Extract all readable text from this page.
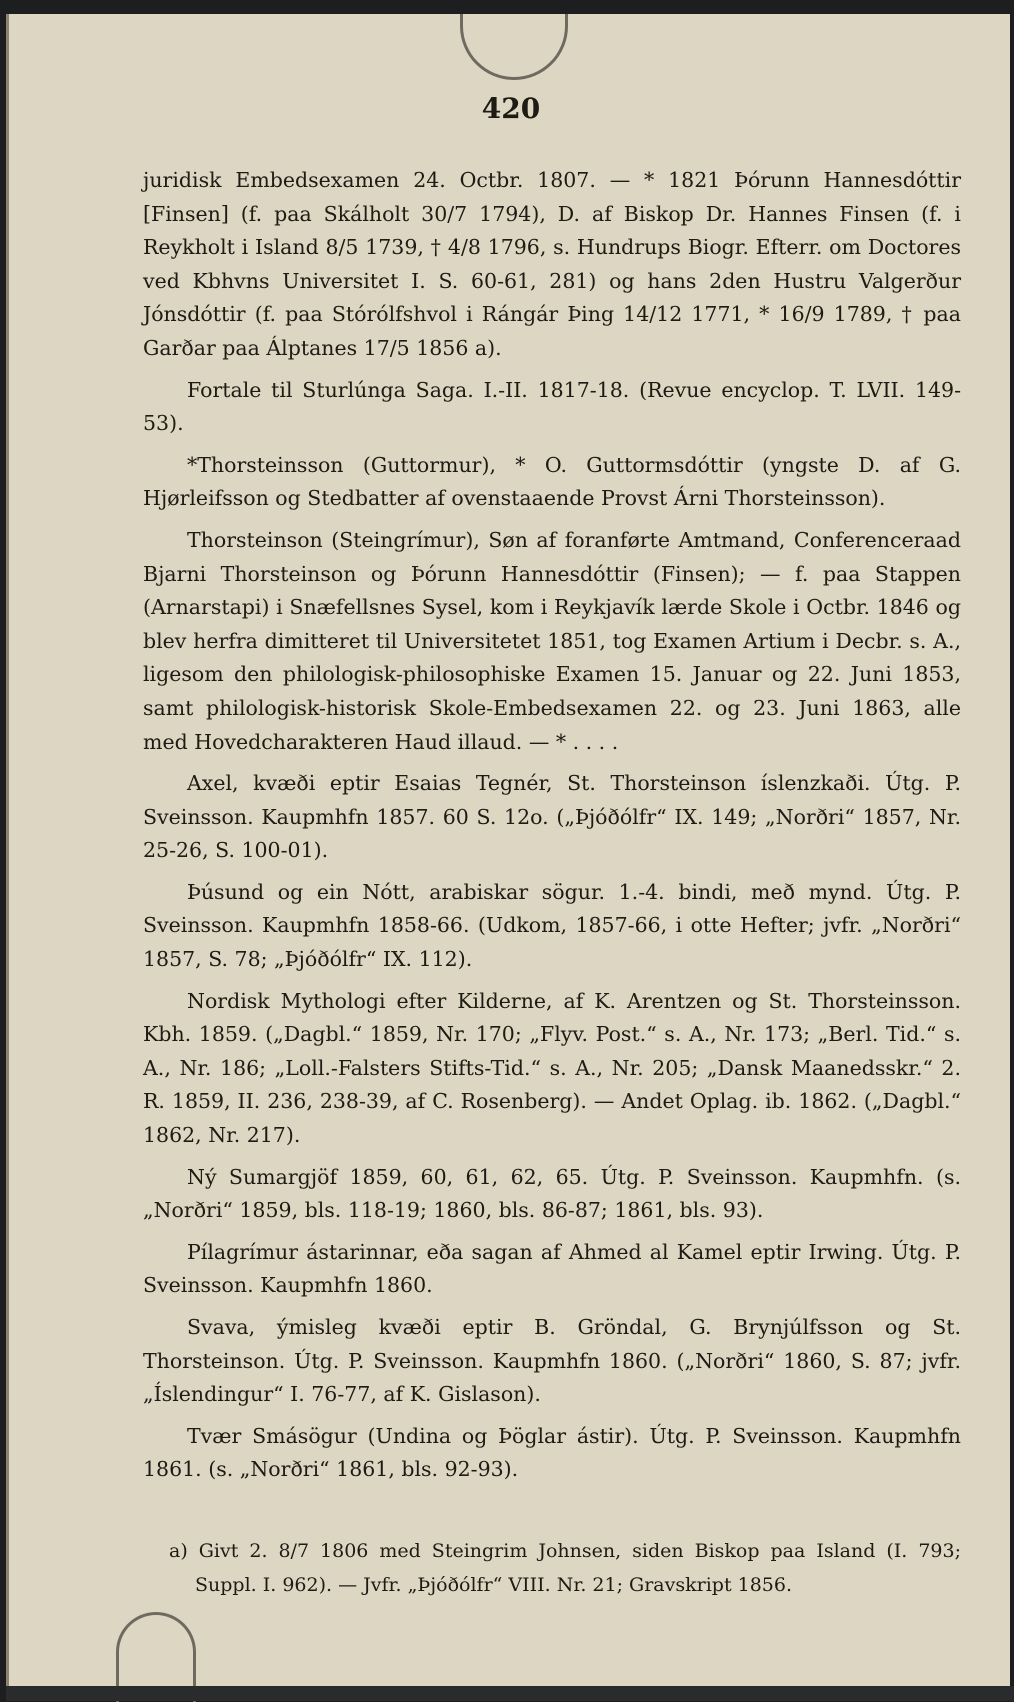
420

juridisk Embedsexamen 24. Octbr. 1807. — * 1821 Þórunn Hannesdóttir [Finsen] (f. paa Skálholt 30/7 1794), D. af Biskop Dr. Hannes Finsen (f. i Reykholt i Island 8/5 1739, † 4/8 1796, s. Hundrups Biogr. Efterr. om Doctores ved Kbhvns Universitet I. S. 60-61, 281) og hans 2den Hustru Valgerður Jónsdóttir (f. paa Stórólfshvol i Rángár Þing 14/12 1771, * 16/9 1789, † paa Garðar paa Álptanes 17/5 1856 a).

Fortale til Sturlúnga Saga. I.-II. 1817-18. (Revue encyclop. T. LVII. 149-53).

*Thorsteinsson (Guttormur), * O. Guttormsdóttir (yngste D. af G. Hjørleifsson og Stedbatter af ovenstaaende Provst Árni Thorsteinsson).

Thorsteinson (Steingrímur), Søn af foranførte Amtmand, Conferenceraad Bjarni Thorsteinson og Þórunn Hannesdóttir (Finsen); — f. paa Stappen (Arnarstapi) i Snæfellsnes Sysel, kom i Reykjavík lærde Skole i Octbr. 1846 og blev herfra dimitteret til Universitetet 1851, tog Examen Artium i Decbr. s. A., ligesom den philologisk-philosophiske Examen 15. Januar og 22. Juni 1853, samt philologisk-historisk Skole-Embedsexamen 22. og 23. Juni 1863, alle med Hovedcharakteren Haud illaud. — * . . . .

Axel, kvæði eptir Esaias Tegnér, St. Thorsteinson íslenzkaði. Útg. P. Sveinsson. Kaupmhfn 1857. 60 S. 12o. („Þjóðólfr“ IX. 149; „Norðri“ 1857, Nr. 25-26, S. 100-01).

Þúsund og ein Nótt, arabiskar sögur. 1.-4. bindi, með mynd. Útg. P. Sveinsson. Kaupmhfn 1858-66. (Udkom, 1857-66, i otte Hefter; jvfr. „Norðri“ 1857, S. 78; „Þjóðólfr“ IX. 112).

Nordisk Mythologi efter Kilderne, af K. Arentzen og St. Thorsteinsson. Kbh. 1859. („Dagbl.“ 1859, Nr. 170; „Flyv. Post.“ s. A., Nr. 173; „Berl. Tid.“ s. A., Nr. 186; „Loll.-Falsters Stifts-Tid.“ s. A., Nr. 205; „Dansk Maanedsskr.“ 2. R. 1859, II. 236, 238-39, af C. Rosenberg). — Andet Oplag. ib. 1862. („Dagbl.“ 1862, Nr. 217).

Ný Sumargjöf 1859, 60, 61, 62, 65. Útg. P. Sveinsson. Kaupmhfn. (s. „Norðri“ 1859, bls. 118-19; 1860, bls. 86-87; 1861, bls. 93).

Pílagrímur ástarinnar, eða sagan af Ahmed al Kamel eptir Irwing. Útg. P. Sveinsson. Kaupmhfn 1860.

Svava, ýmisleg kvæði eptir B. Gröndal, G. Brynjúlfsson og St. Thorsteinson. Útg. P. Sveinsson. Kaupmhfn 1860. („Norðri“ 1860, S. 87; jvfr. „Íslendingur“ I. 76-77, af K. Gislason).

Tvær Smásögur (Undina og Þöglar ástir). Útg. P. Sveinsson. Kaupmhfn 1861. (s. „Norðri“ 1861, bls. 92-93).

a) Givt 2. 8/7 1806 med Steingrim Johnsen, siden Biskop paa Island (I. 793; Suppl. I. 962). — Jvfr. „Þjóðólfr“ VIII. Nr. 21; Gravskript 1856.
